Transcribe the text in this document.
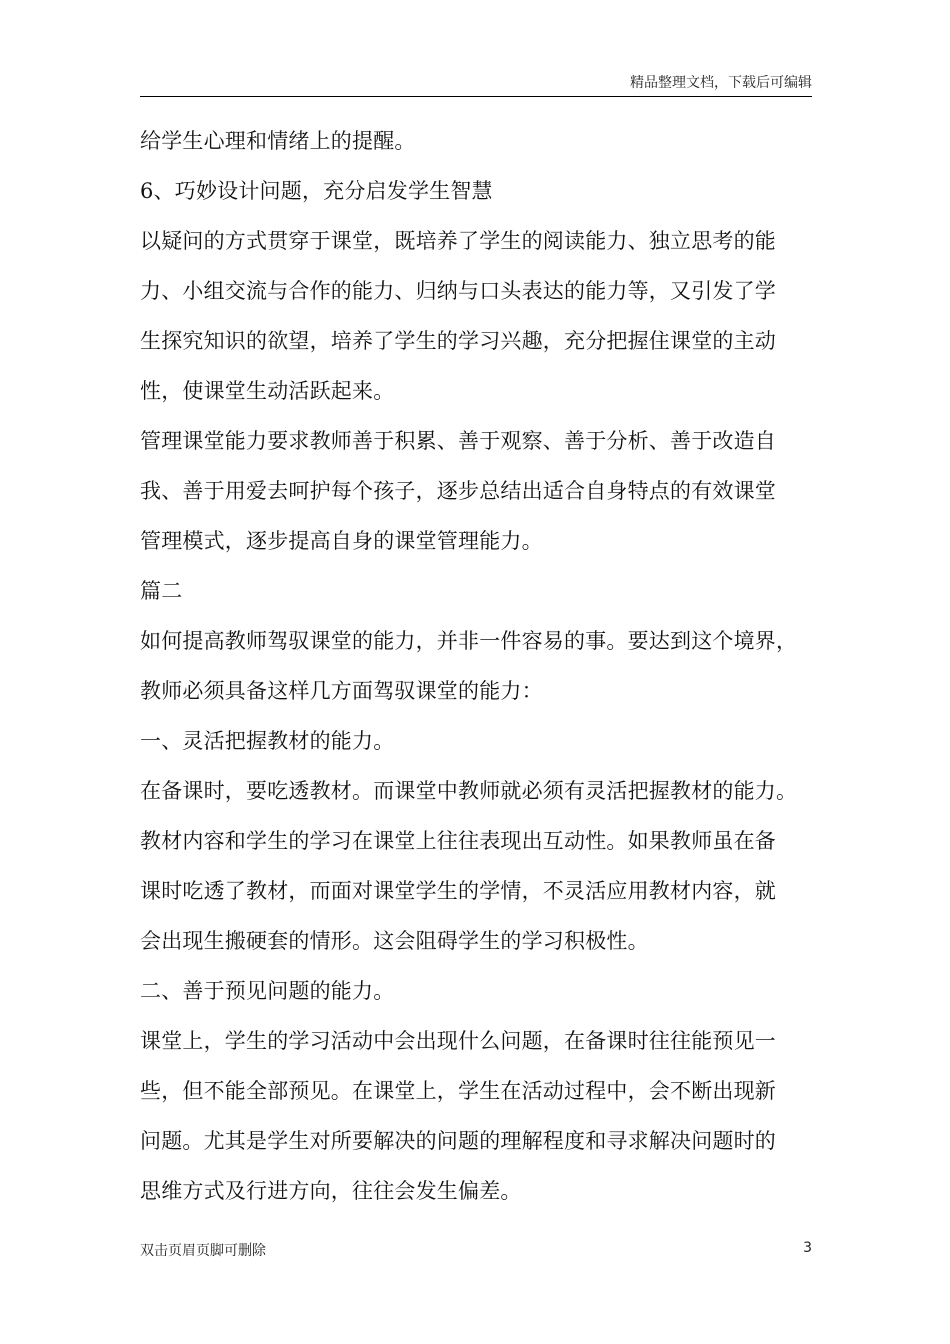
精品整理文档，下载后可编辑
给学生心理和情绪上的提醒。
6、巧妙设计问题，充分启发学生智慧
以疑问的方式贯穿于课堂，既培养了学生的阅读能力、独立思考的能
力、小组交流与合作的能力、归纳与口头表达的能力等，又引发了学
生探究知识的欲望，培养了学生的学习兴趣，充分把握住课堂的主动
性，使课堂生动活跃起来。
管理课堂能力要求教师善于积累、善于观察、善于分析、善于改造自
我、善于用爱去呵护每个孩子，逐步总结出适合自身特点的有效课堂
管理模式，逐步提高自身的课堂管理能力。
篇二
如何提高教师驾驭课堂的能力，并非一件容易的事。要达到这个境界，
教师必须具备这样几方面驾驭课堂的能力：
一、灵活把握教材的能力。
在备课时，要吃透教材。而课堂中教师就必须有灵活把握教材的能力。
教材内容和学生的学习在课堂上往往表现出互动性。如果教师虽在备
课时吃透了教材，而面对课堂学生的学情，不灵活应用教材内容，就
会出现生搬硬套的情形。这会阻碍学生的学习积极性。
二、善于预见问题的能力。
课堂上，学生的学习活动中会出现什么问题，在备课时往往能预见一
些，但不能全部预见。在课堂上，学生在活动过程中，会不断出现新
问题。尤其是学生对所要解决的问题的理解程度和寻求解决问题时的
思维方式及行进方向，往往会发生偏差。
双击页眉页脚可删除	3
